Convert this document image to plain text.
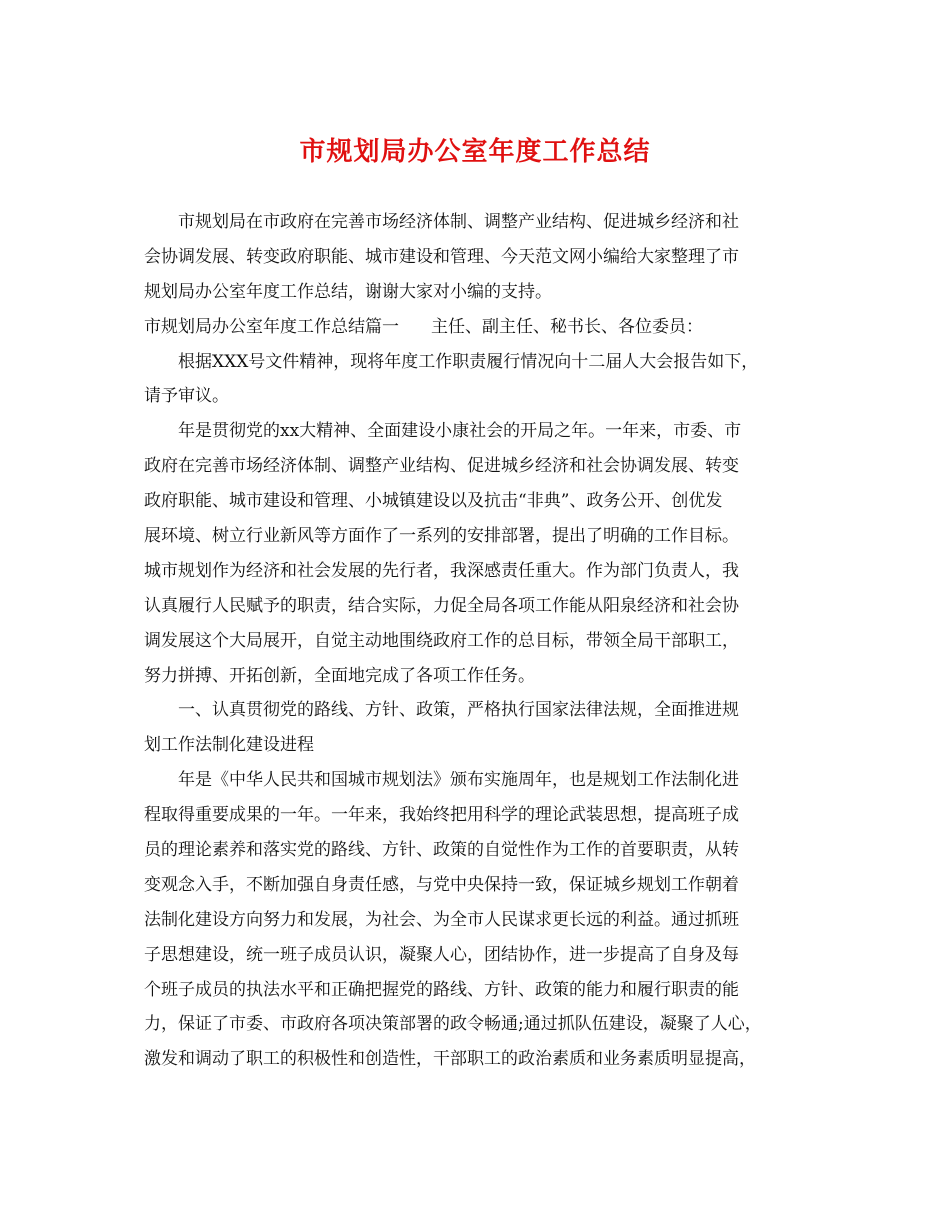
市规划局办公室年度工作总结
市规划局在市政府在完善市场经济体制、调整产业结构、促进城乡经济和社
会协调发展、转变政府职能、城市建设和管理、今天范文网小编给大家整理了市
规划局办公室年度工作总结，谢谢大家对小编的支持。
市规划局办公室年度工作总结篇一 主任、副主任、秘书长、各位委员：
根据XXX号文件精神，现将年度工作职责履行情况向十二届人大会报告如下，
请予审议。
年是贯彻党的xx大精神、全面建设小康社会的开局之年。一年来，市委、市
政府在完善市场经济体制、调整产业结构、促进城乡经济和社会协调发展、转变
政府职能、城市建设和管理、小城镇建设以及抗击“非典”、政务公开、创优发
展环境、树立行业新风等方面作了一系列的安排部署，提出了明确的工作目标。
城市规划作为经济和社会发展的先行者，我深感责任重大。作为部门负责人，我
认真履行人民赋予的职责，结合实际，力促全局各项工作能从阳泉经济和社会协
调发展这个大局展开，自觉主动地围绕政府工作的总目标，带领全局干部职工，
努力拼搏、开拓创新，全面地完成了各项工作任务。
一、认真贯彻党的路线、方针、政策，严格执行国家法律法规，全面推进规
划工作法制化建设进程
年是《中华人民共和国城市规划法》颁布实施周年，也是规划工作法制化进
程取得重要成果的一年。一年来，我始终把用科学的理论武装思想，提高班子成
员的理论素养和落实党的路线、方针、政策的自觉性作为工作的首要职责，从转
变观念入手，不断加强自身责任感，与党中央保持一致，保证城乡规划工作朝着
法制化建设方向努力和发展，为社会、为全市人民谋求更长远的利益。通过抓班
子思想建设，统一班子成员认识，凝聚人心，团结协作，进一步提高了自身及每
个班子成员的执法水平和正确把握党的路线、方针、政策的能力和履行职责的能
力，保证了市委、市政府各项决策部署的政令畅通;通过抓队伍建设，凝聚了人心，
激发和调动了职工的积极性和创造性，干部职工的政治素质和业务素质明显提高，
